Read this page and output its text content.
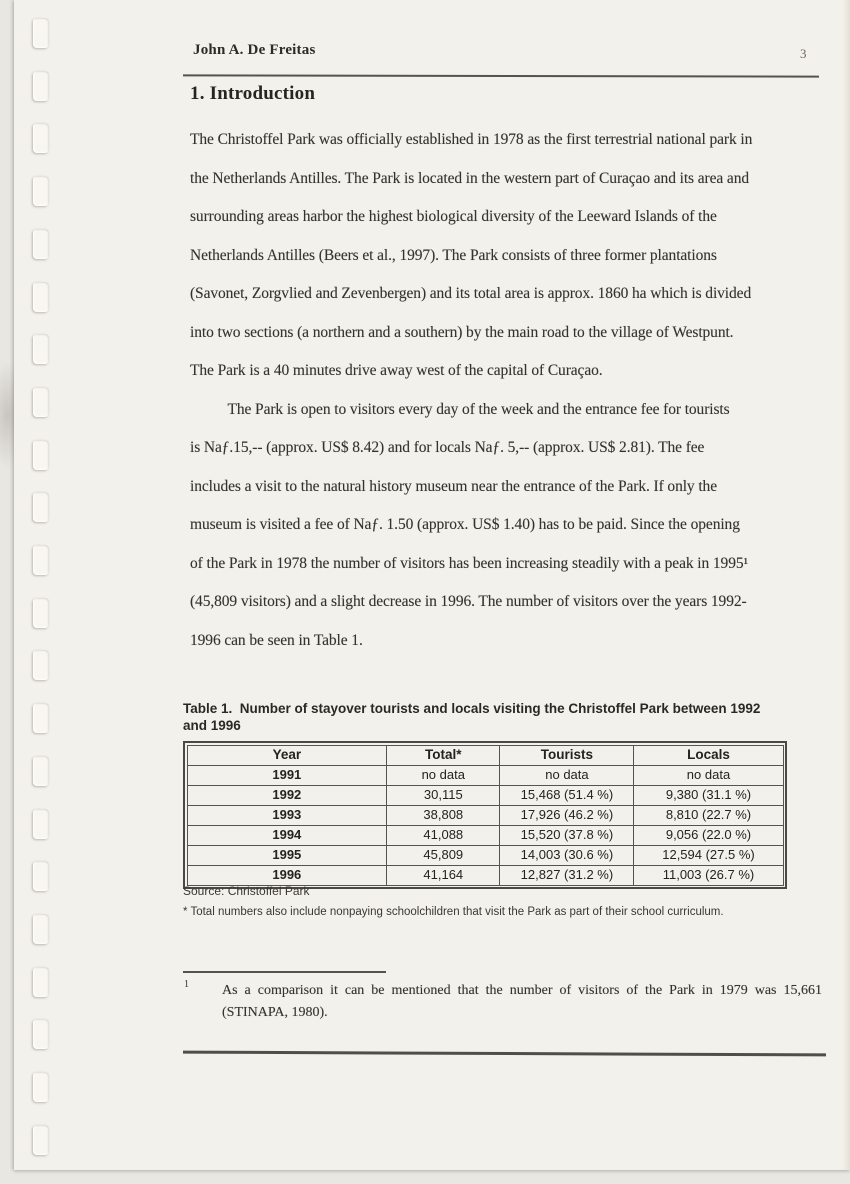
John A. De Freitas	3
1. Introduction
The Christoffel Park was officially established in 1978 as the first terrestrial national park in
the Netherlands Antilles. The Park is located in the western part of Curaçao and its area and
surrounding areas harbor the highest biological diversity of the Leeward Islands of the
Netherlands Antilles (Beers et al., 1997). The Park consists of three former plantations
(Savonet, Zorgvlied and Zevenbergen) and its total area is approx. 1860 ha which is divided
into two sections (a northern and a southern) by the main road to the village of Westpunt.
The Park is a 40 minutes drive away west of the capital of Curaçao.
The Park is open to visitors every day of the week and the entrance fee for tourists
is Naƒ.15,-- (approx. US$ 8.42) and for locals Naƒ. 5,-- (approx. US$ 2.81). The fee
includes a visit to the natural history museum near the entrance of the Park. If only the
museum is visited a fee of Naƒ. 1.50 (approx. US$ 1.40) has to be paid. Since the opening
of the Park in 1978 the number of visitors has been increasing steadily with a peak in 1995¹
(45,809 visitors) and a slight decrease in 1996. The number of visitors over the years 1992-
1996 can be seen in Table 1.
Table 1.  Number of stayover tourists and locals visiting the Christoffel Park between 1992
and 1996
Year	Total*	Tourists	Locals
1991	no data	no data	no data
1992	30,115	15,468 (51.4 %)	9,380 (31.1 %)
1993	38,808	17,926 (46.2 %)	8,810 (22.7 %)
1994	41,088	15,520 (37.8 %)	9,056 (22.0 %)
1995	45,809	14,003 (30.6 %)	12,594 (27.5 %)
1996	41,164	12,827 (31.2 %)	11,003 (26.7 %)
Source: Christoffel Park
* Total numbers also include nonpaying schoolchildren that visit the Park as part of their school curriculum.
1 As a comparison it can be mentioned that the number of visitors of the Park in 1979 was 15,661
(STINAPA, 1980).
